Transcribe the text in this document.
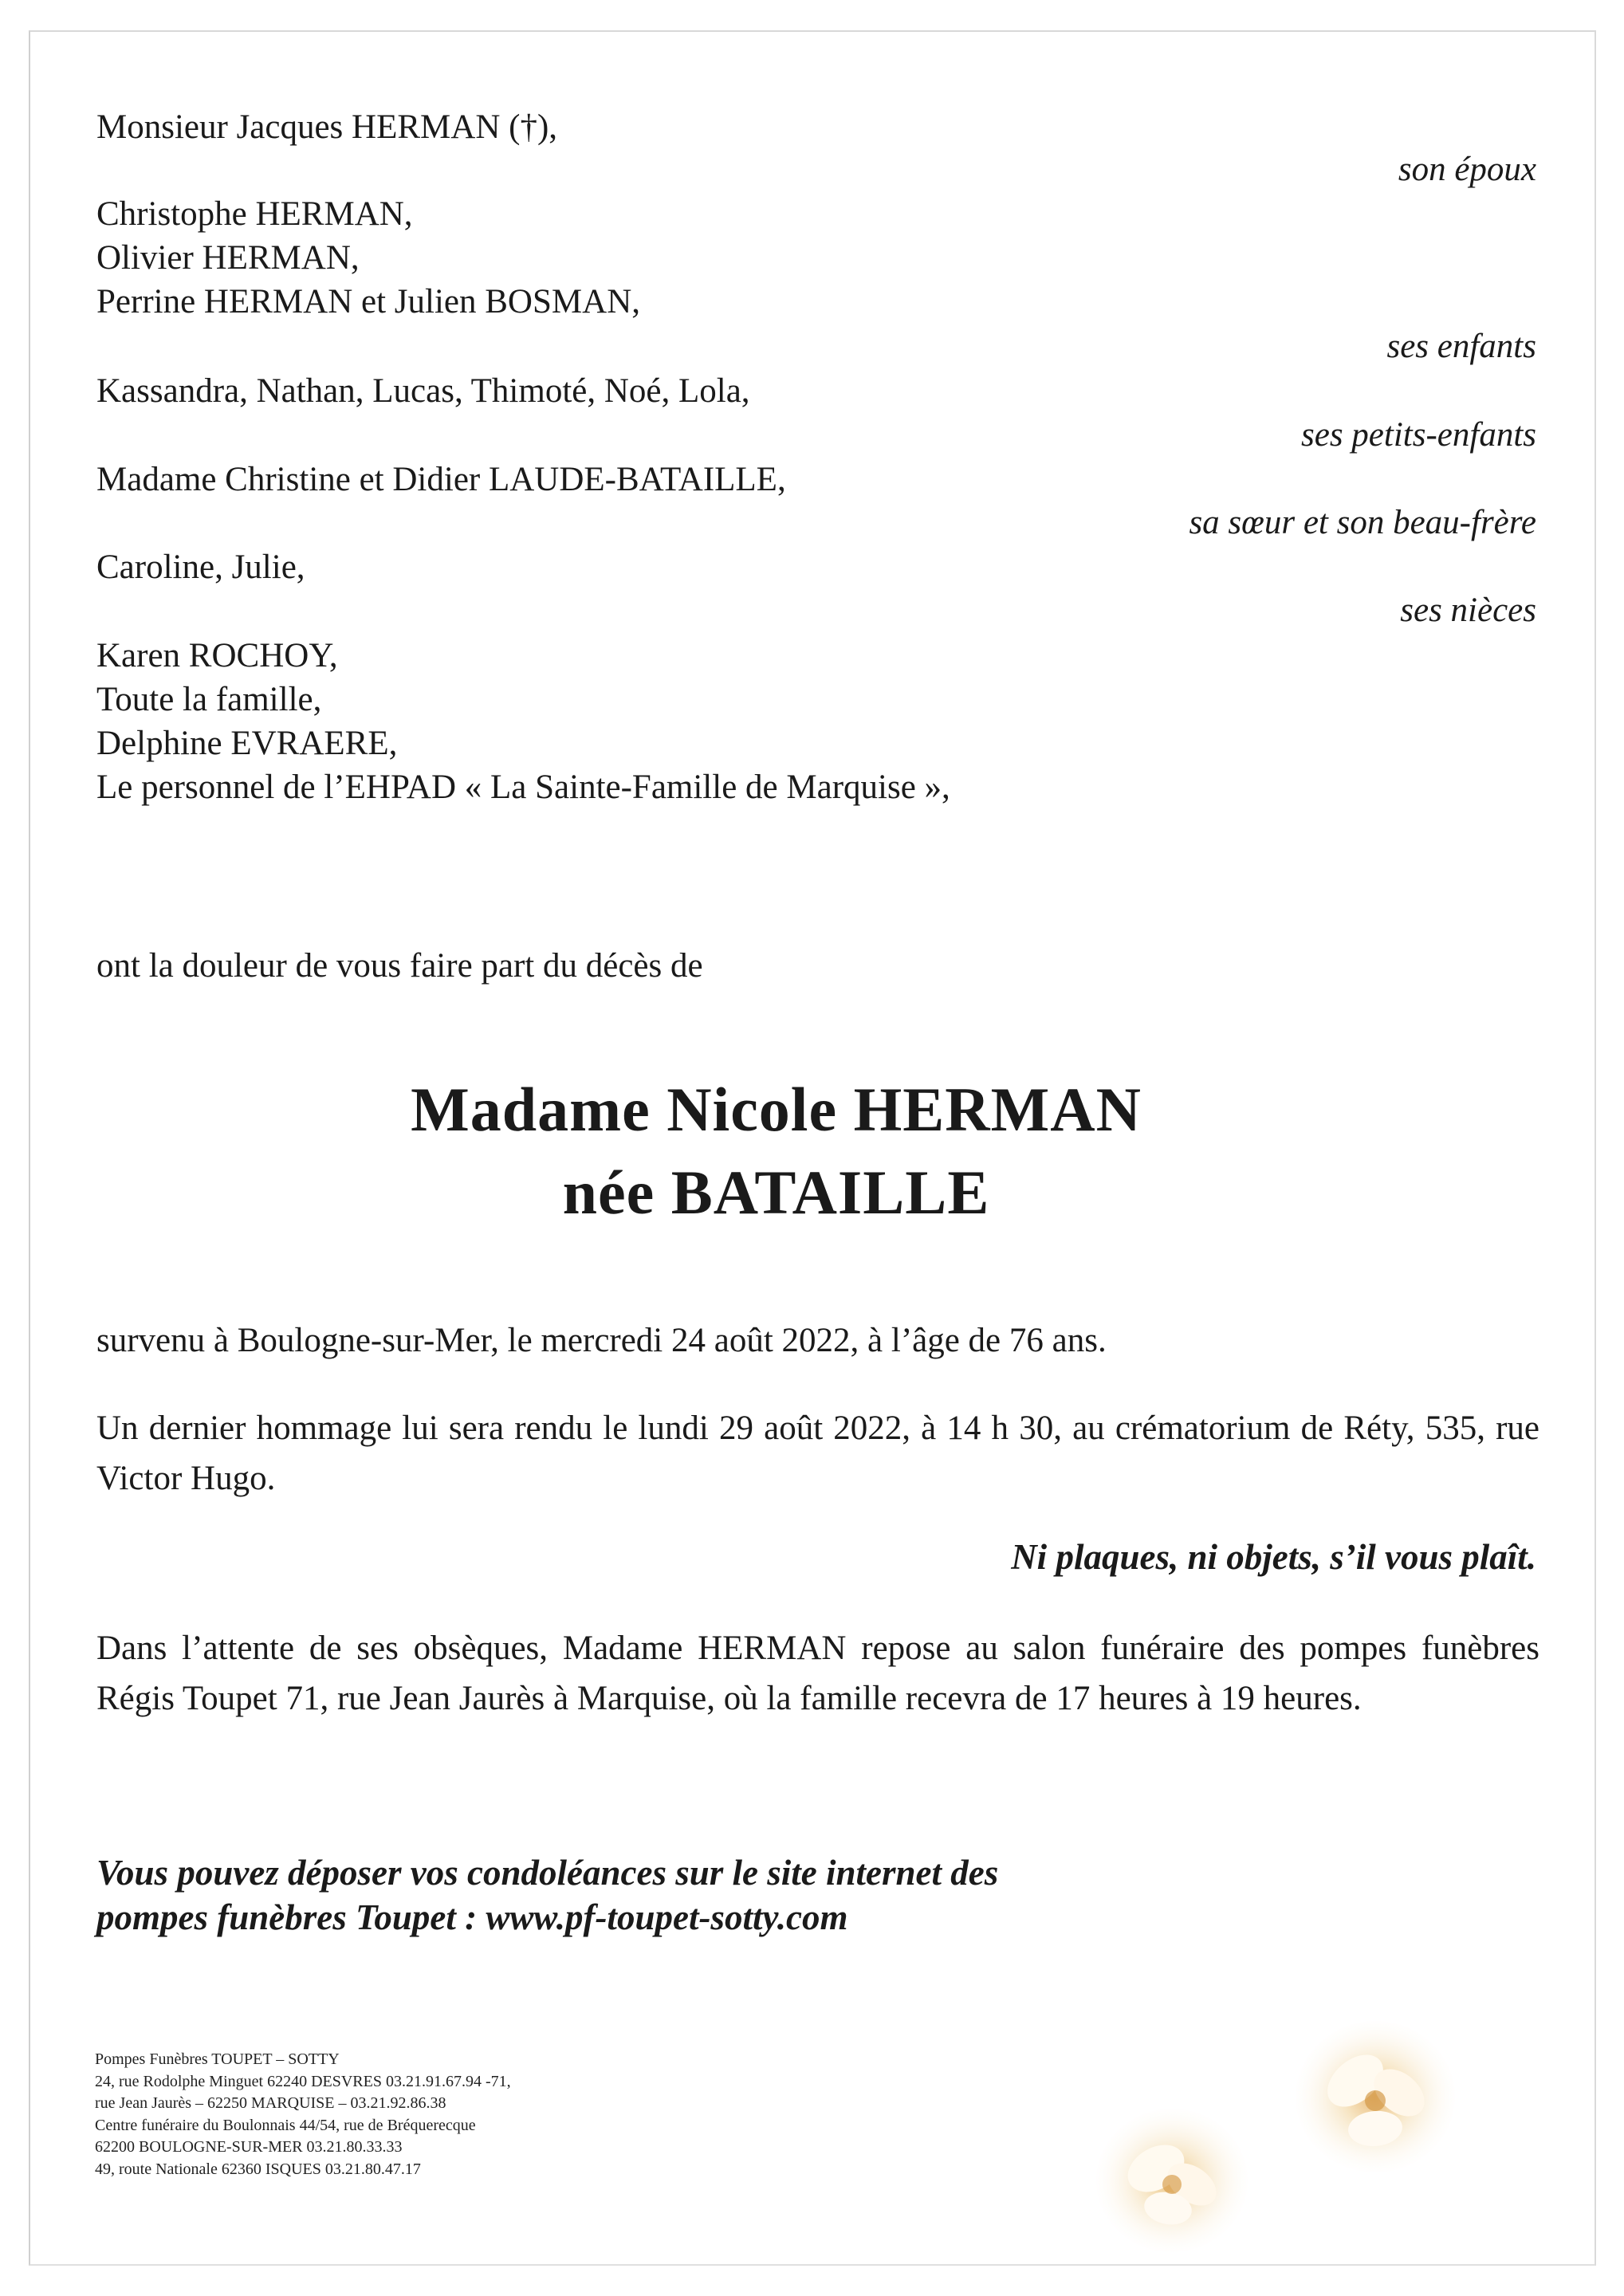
Monsieur Jacques HERMAN (†),
son époux
Christophe HERMAN,
Olivier HERMAN,
Perrine HERMAN et Julien BOSMAN,
ses enfants
Kassandra, Nathan, Lucas, Thimoté, Noé, Lola,
ses petits-enfants
Madame Christine et Didier LAUDE-BATAILLE,
sa sœur et son beau-frère
Caroline, Julie,
ses nièces
Karen ROCHOY,
Toute la famille,
Delphine EVRAERE,
Le personnel de l’EHPAD « La Sainte-Famille de Marquise »,
ont la douleur de vous faire part du décès de
Madame Nicole HERMAN
née BATAILLE
survenu à Boulogne-sur-Mer, le mercredi 24 août 2022, à l’âge de 76 ans.
Un dernier hommage lui sera rendu le lundi 29 août 2022, à 14 h 30, au crématorium de Réty, 535, rue Victor Hugo.
Ni plaques, ni objets, s’il vous plaît.
Dans l’attente de ses obsèques, Madame HERMAN repose au salon funéraire des pompes funèbres Régis Toupet 71, rue Jean Jaurès à Marquise, où la famille recevra de 17 heures à 19 heures.
Vous pouvez déposer vos condoléances sur le site internet des
pompes funèbres Toupet : www.pf-toupet-sotty.com
Pompes Funèbres TOUPET – SOTTY
24, rue Rodolphe Minguet 62240 DESVRES 03.21.91.67.94 -71,
rue Jean Jaurès – 62250 MARQUISE – 03.21.92.86.38
Centre funéraire du Boulonnais 44/54, rue de Bréquerecque
62200 BOULOGNE-SUR-MER 03.21.80.33.33
49, route Nationale 62360 ISQUES 03.21.80.47.17
